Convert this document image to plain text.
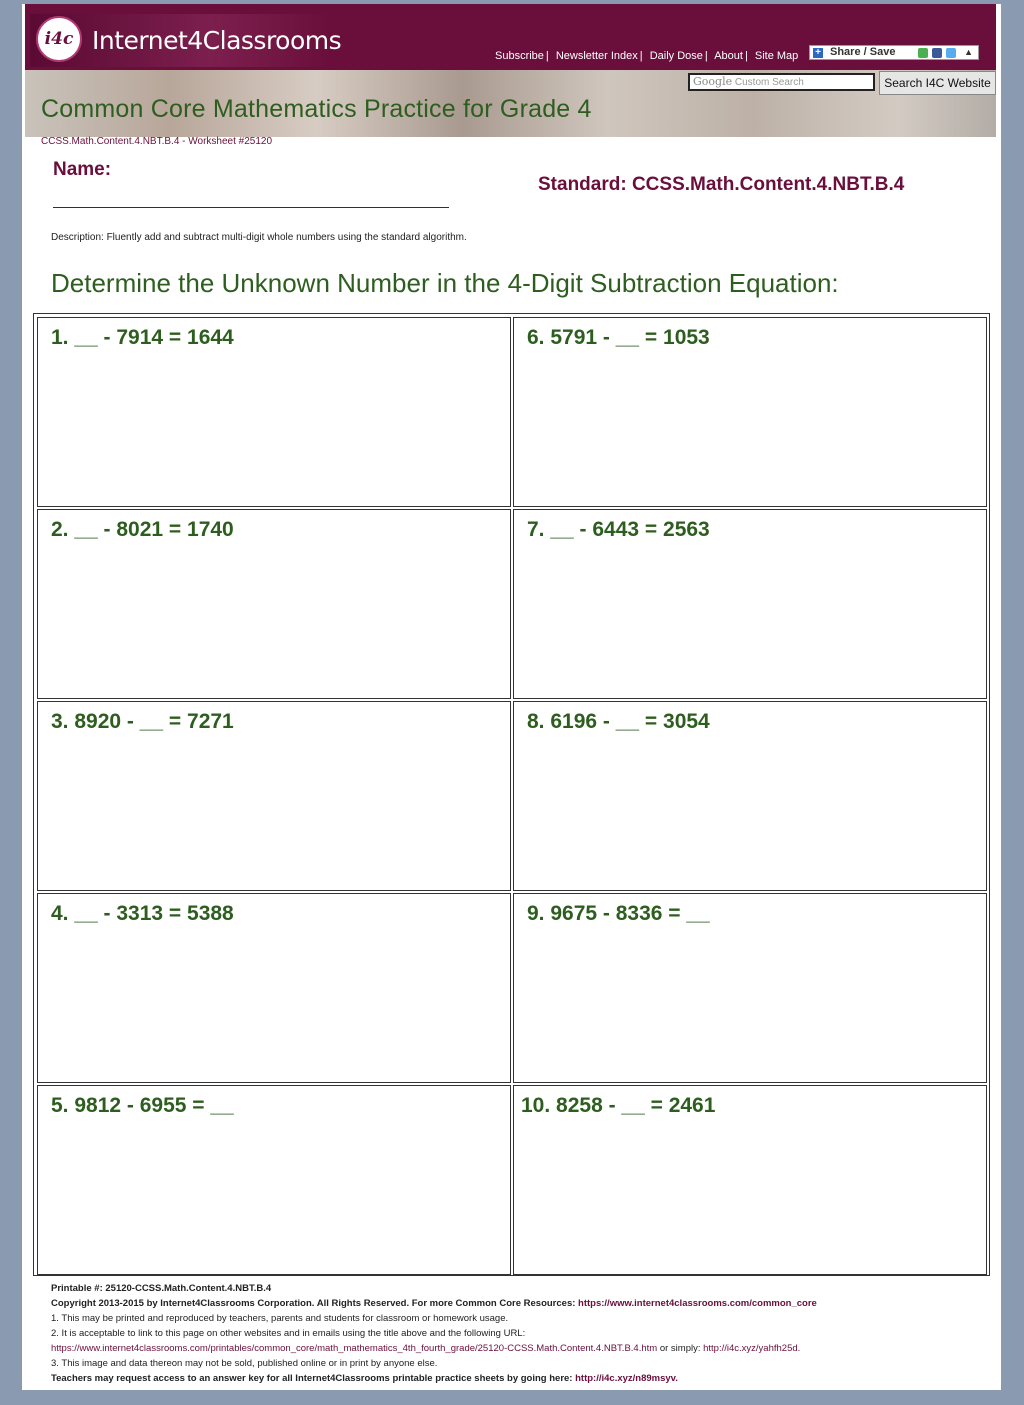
i4c Internet4Classrooms
Subscribe | Newsletter Index | Daily Dose | About | Site Map + Share / Save	▲

Google Custom Search	Search I4C Website
Common Core Mathematics Practice for Grade 4
CCSS.Math.Content.4.NBT.B.4 - Worksheet #25120
Name:
Standard: CCSS.Math.Content.4.NBT.B.4
Description: Fluently add and subtract multi-digit whole numbers using the standard algorithm.
Determine the Unknown Number in the 4-Digit Subtraction Equation:
1. __ - 7914 = 1644
2. __ - 8021 = 1740
3. 8920 - __ = 7271
4. __ - 3313 = 5388
5. 9812 - 6955 = __
6. 5791 - __ = 1053
7. __ - 6443 = 2563
8. 6196 - __ = 3054
9. 9675 - 8336 = __
10. 8258 - __ = 2461
Printable #: 25120-CCSS.Math.Content.4.NBT.B.4
Copyright 2013-2015 by Internet4Classrooms Corporation. All Rights Reserved. For more Common Core Resources: https://www.internet4classrooms.com/common_core
1. This may be printed and reproduced by teachers, parents and students for classroom or homework usage.
2. It is acceptable to link to this page on other websites and in emails using the title above and the following URL:
https://www.internet4classrooms.com/printables/common_core/math_mathematics_4th_fourth_grade/25120-CCSS.Math.Content.4.NBT.B.4.htm or simply: http://i4c.xyz/yahfh25d.
3. This image and data thereon may not be sold, published online or in print by anyone else.
Teachers may request access to an answer key for all Internet4Classrooms printable practice sheets by going here: http://i4c.xyz/n89msyv.
